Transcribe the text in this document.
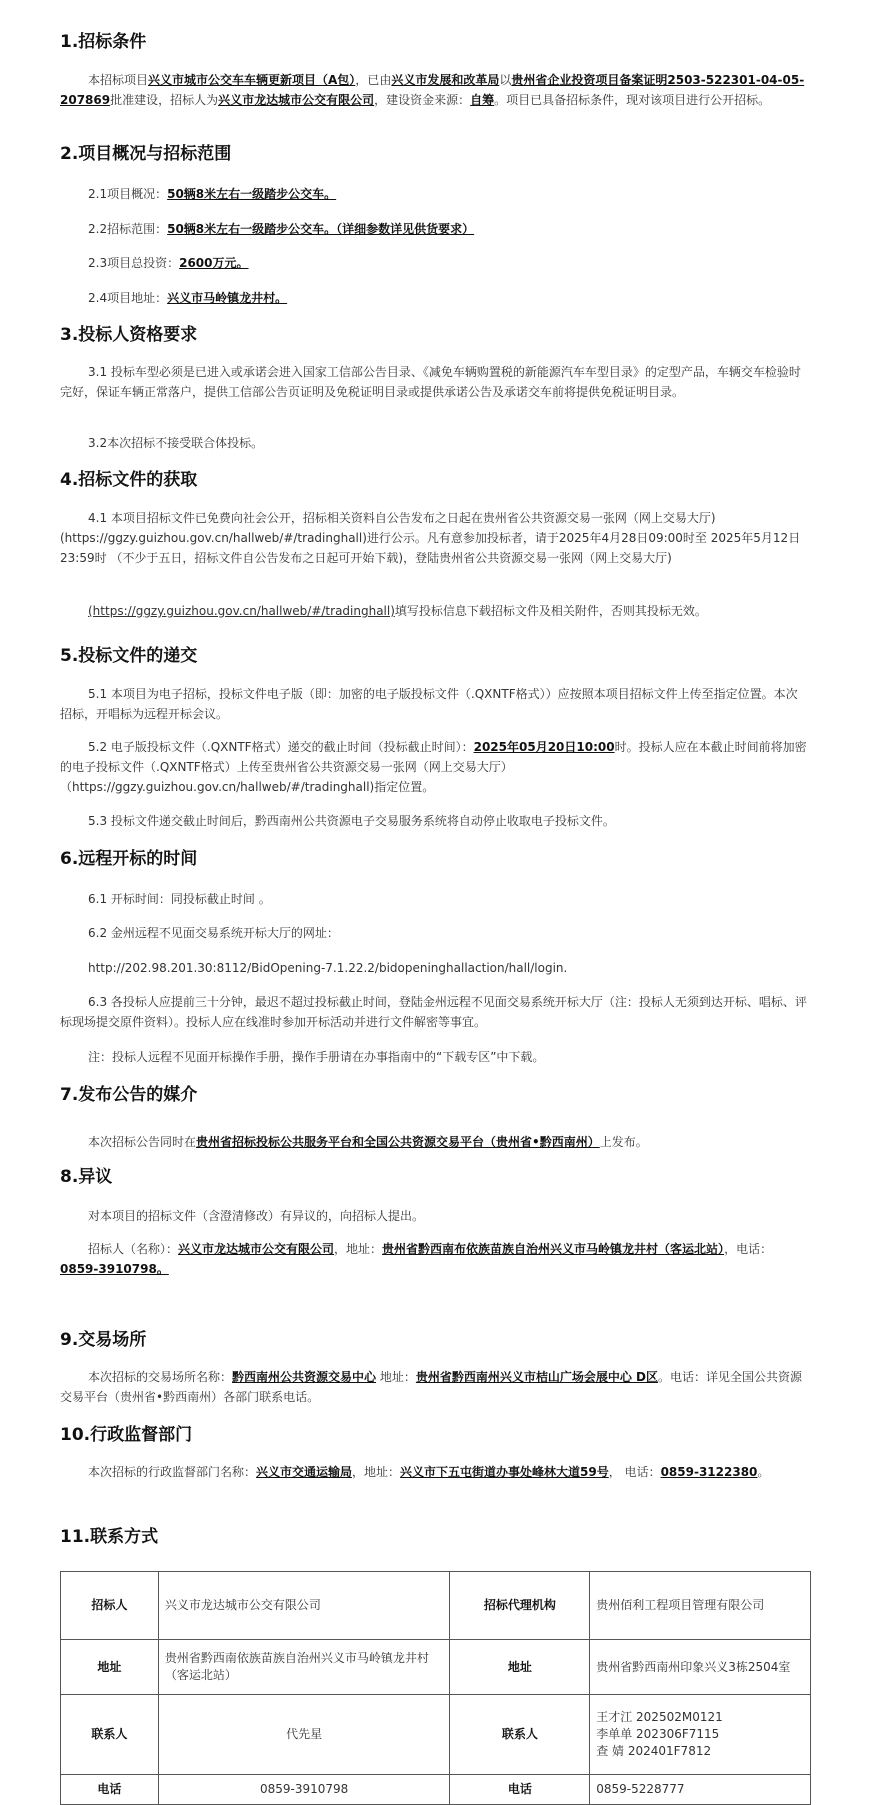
1.招标条件

本招标项目兴义市城市公交车车辆更新项目（A包），已由兴义市发展和改革局以贵州省企业投资项目备案证明2503-522301-04-05-207869批准建设，招标人为兴义市龙达城市公交有限公司，建设资金来源：自筹。项目已具备招标条件，现对该项目进行公开招标。

2.项目概况与招标范围

2.1项目概况：50辆8米左右一级踏步公交车。

2.2招标范围：50辆8米左右一级踏步公交车。（详细参数详见供货要求）

2.3项目总投资：2600万元。

2.4项目地址：兴义市马岭镇龙井村。

3.投标人资格要求

3.1 投标车型必须是已进入或承诺会进入国家工信部公告目录、《减免车辆购置税的新能源汽车车型目录》的定型产品，车辆交车检验时完好，保证车辆正常落户，提供工信部公告页证明及免税证明目录或提供承诺公告及承诺交车前将提供免税证明目录。

3.2本次招标不接受联合体投标。

4.招标文件的获取

4.1 本项目招标文件已免费向社会公开，招标相关资料自公告发布之日起在贵州省公共资源交易一张网（网上交易大厅)(https://ggzy.guizhou.gov.cn/hallweb/#/tradinghall)进行公示。凡有意参加投标者，请于2025年4月28日09:00时至 2025年5月12日23:59时 （不少于五日，招标文件自公告发布之日起可开始下载)，登陆贵州省公共资源交易一张网（网上交易大厅)

(https://ggzy.guizhou.gov.cn/hallweb/#/tradinghall)填写投标信息下载招标文件及相关附件，否则其投标无效。

5.投标文件的递交

5.1 本项目为电子招标，投标文件电子版（即：加密的电子版投标文件（.QXNTF格式））应按照本项目招标文件上传至指定位置。本次招标，开唱标为远程开标会议。

5.2 电子版投标文件（.QXNTF格式）递交的截止时间（投标截止时间）：2025年05月20日10:00时。投标人应在本截止时间前将加密的电子投标文件（.QXNTF格式）上传至贵州省公共资源交易一张网（网上交易大厅）（https://ggzy.guizhou.gov.cn/hallweb/#/tradinghall)指定位置。

5.3 投标文件递交截止时间后，黔西南州公共资源电子交易服务系统将自动停止收取电子投标文件。

6.远程开标的时间

6.1 开标时间：同投标截止时间 。

6.2 金州远程不见面交易系统开标大厅的网址：

http://202.98.201.30:8112/BidOpening-7.1.22.2/bidopeninghallaction/hall/login.

6.3 各投标人应提前三十分钟，最迟不超过投标截止时间，登陆金州远程不见面交易系统开标大厅（注：投标人无须到达开标、唱标、评标现场提交原件资料）。投标人应在线准时参加开标活动并进行文件解密等事宜。

注：投标人远程不见面开标操作手册，操作手册请在办事指南中的“下载专区”中下载。

7.发布公告的媒介

本次招标公告同时在贵州省招标投标公共服务平台和全国公共资源交易平台（贵州省•黔西南州）上发布。

8.异议

对本项目的招标文件（含澄清修改）有异议的，向招标人提出。

招标人（名称）：兴义市龙达城市公交有限公司，地址：贵州省黔西南布依族苗族自治州兴义市马岭镇龙井村（客运北站），电话：0859-3910798。

9.交易场所

本次招标的交易场所名称：黔西南州公共资源交易中心 地址：贵州省黔西南州兴义市桔山广场会展中心 D区。电话：详见全国公共资源交易平台（贵州省•黔西南州）各部门联系电话。

10.行政监督部门

本次招标的行政监督部门名称：兴义市交通运输局，地址：兴义市下五屯街道办事处峰林大道59号， 电话：0859-3122380。

11.联系方式
招标人	兴义市龙达城市公交有限公司	招标代理机构	贵州佰利工程项目管理有限公司
地址	贵州省黔西南依族苗族自治州兴义市马岭镇龙井村（客运北站）	地址	贵州省黔西南州印象兴义3栋2504室
联系人	代先星	联系人	王才江 202502M0121
李单单 202306F7115
查 婧 202401F7812

电话	0859-3910798	电话	0859-5228777
